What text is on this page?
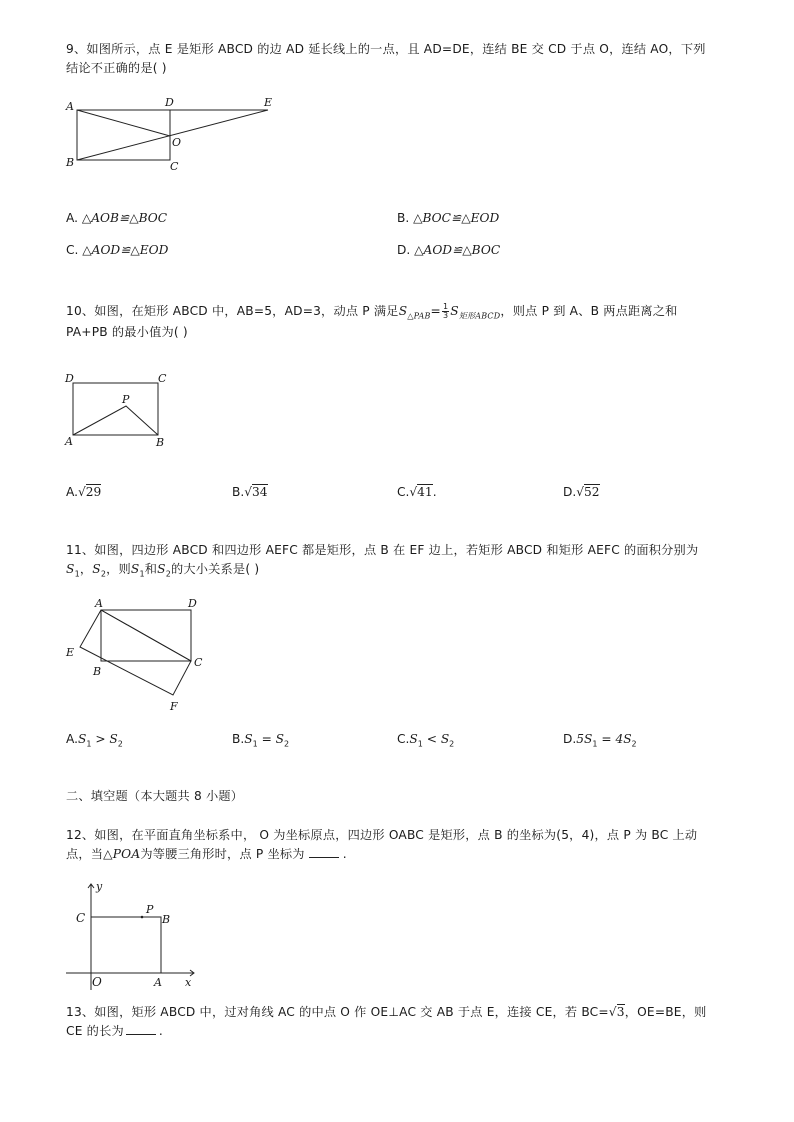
9、如图所示，点 E 是矩形 ABCD 的边 AD 延长线上的一点，且 AD=DE，连结 BE 交 CD 于点 O，连结 AO，下列
结论不正确的是( )
A	D	E
O
B	C
A. △AOB≌△BOC	B. △BOC≌△EOD
C. △AOD≌△EOD	D. △AOD≌△BOC
10、如图，在矩形 ABCD 中，AB=5，AD=3，动点 P 满足$S_{\triangle PAB}= \frac{1}{3} S_{矩形ABCD}$，则点 P 到 A、B 两点距离之和
PA+PB 的最小值为( )
D	C
P
A	B
A.√29	B.√34	C.√41.	D.√52
11、如图，四边形 ABCD 和四边形 AEFC 都是矩形，点 B 在 EF 边上，若矩形 ABCD 和矩形 AEFC 的面积分别为
$S_1$，$S_2$，则$S_1$和$S_2$的大小关系是( )
A	D
E
B
C
F
$A.S_1 > S_2$	$B.S_1 = S_2$	$C.S_1 < S_2$	$D.5S_1 = 4S_2$
二、填空题（本大题共 8 小题）
12、如图，在平面直角坐标系中， O 为坐标原点，四边形 OABC 是矩形，点 B 的坐标为(5，4)，点 P 为 BC 上动
点，当△POA为等腰三角形时，点 P 坐标为	.
y
C
P
B
O	A x
13、如图，矩形 ABCD 中，过对角线 AC 的中点 O 作 OE⊥AC 交 AB 于点 E，连接 CE，若 BC=√3，OE=BE，则
CE 的长为	.
